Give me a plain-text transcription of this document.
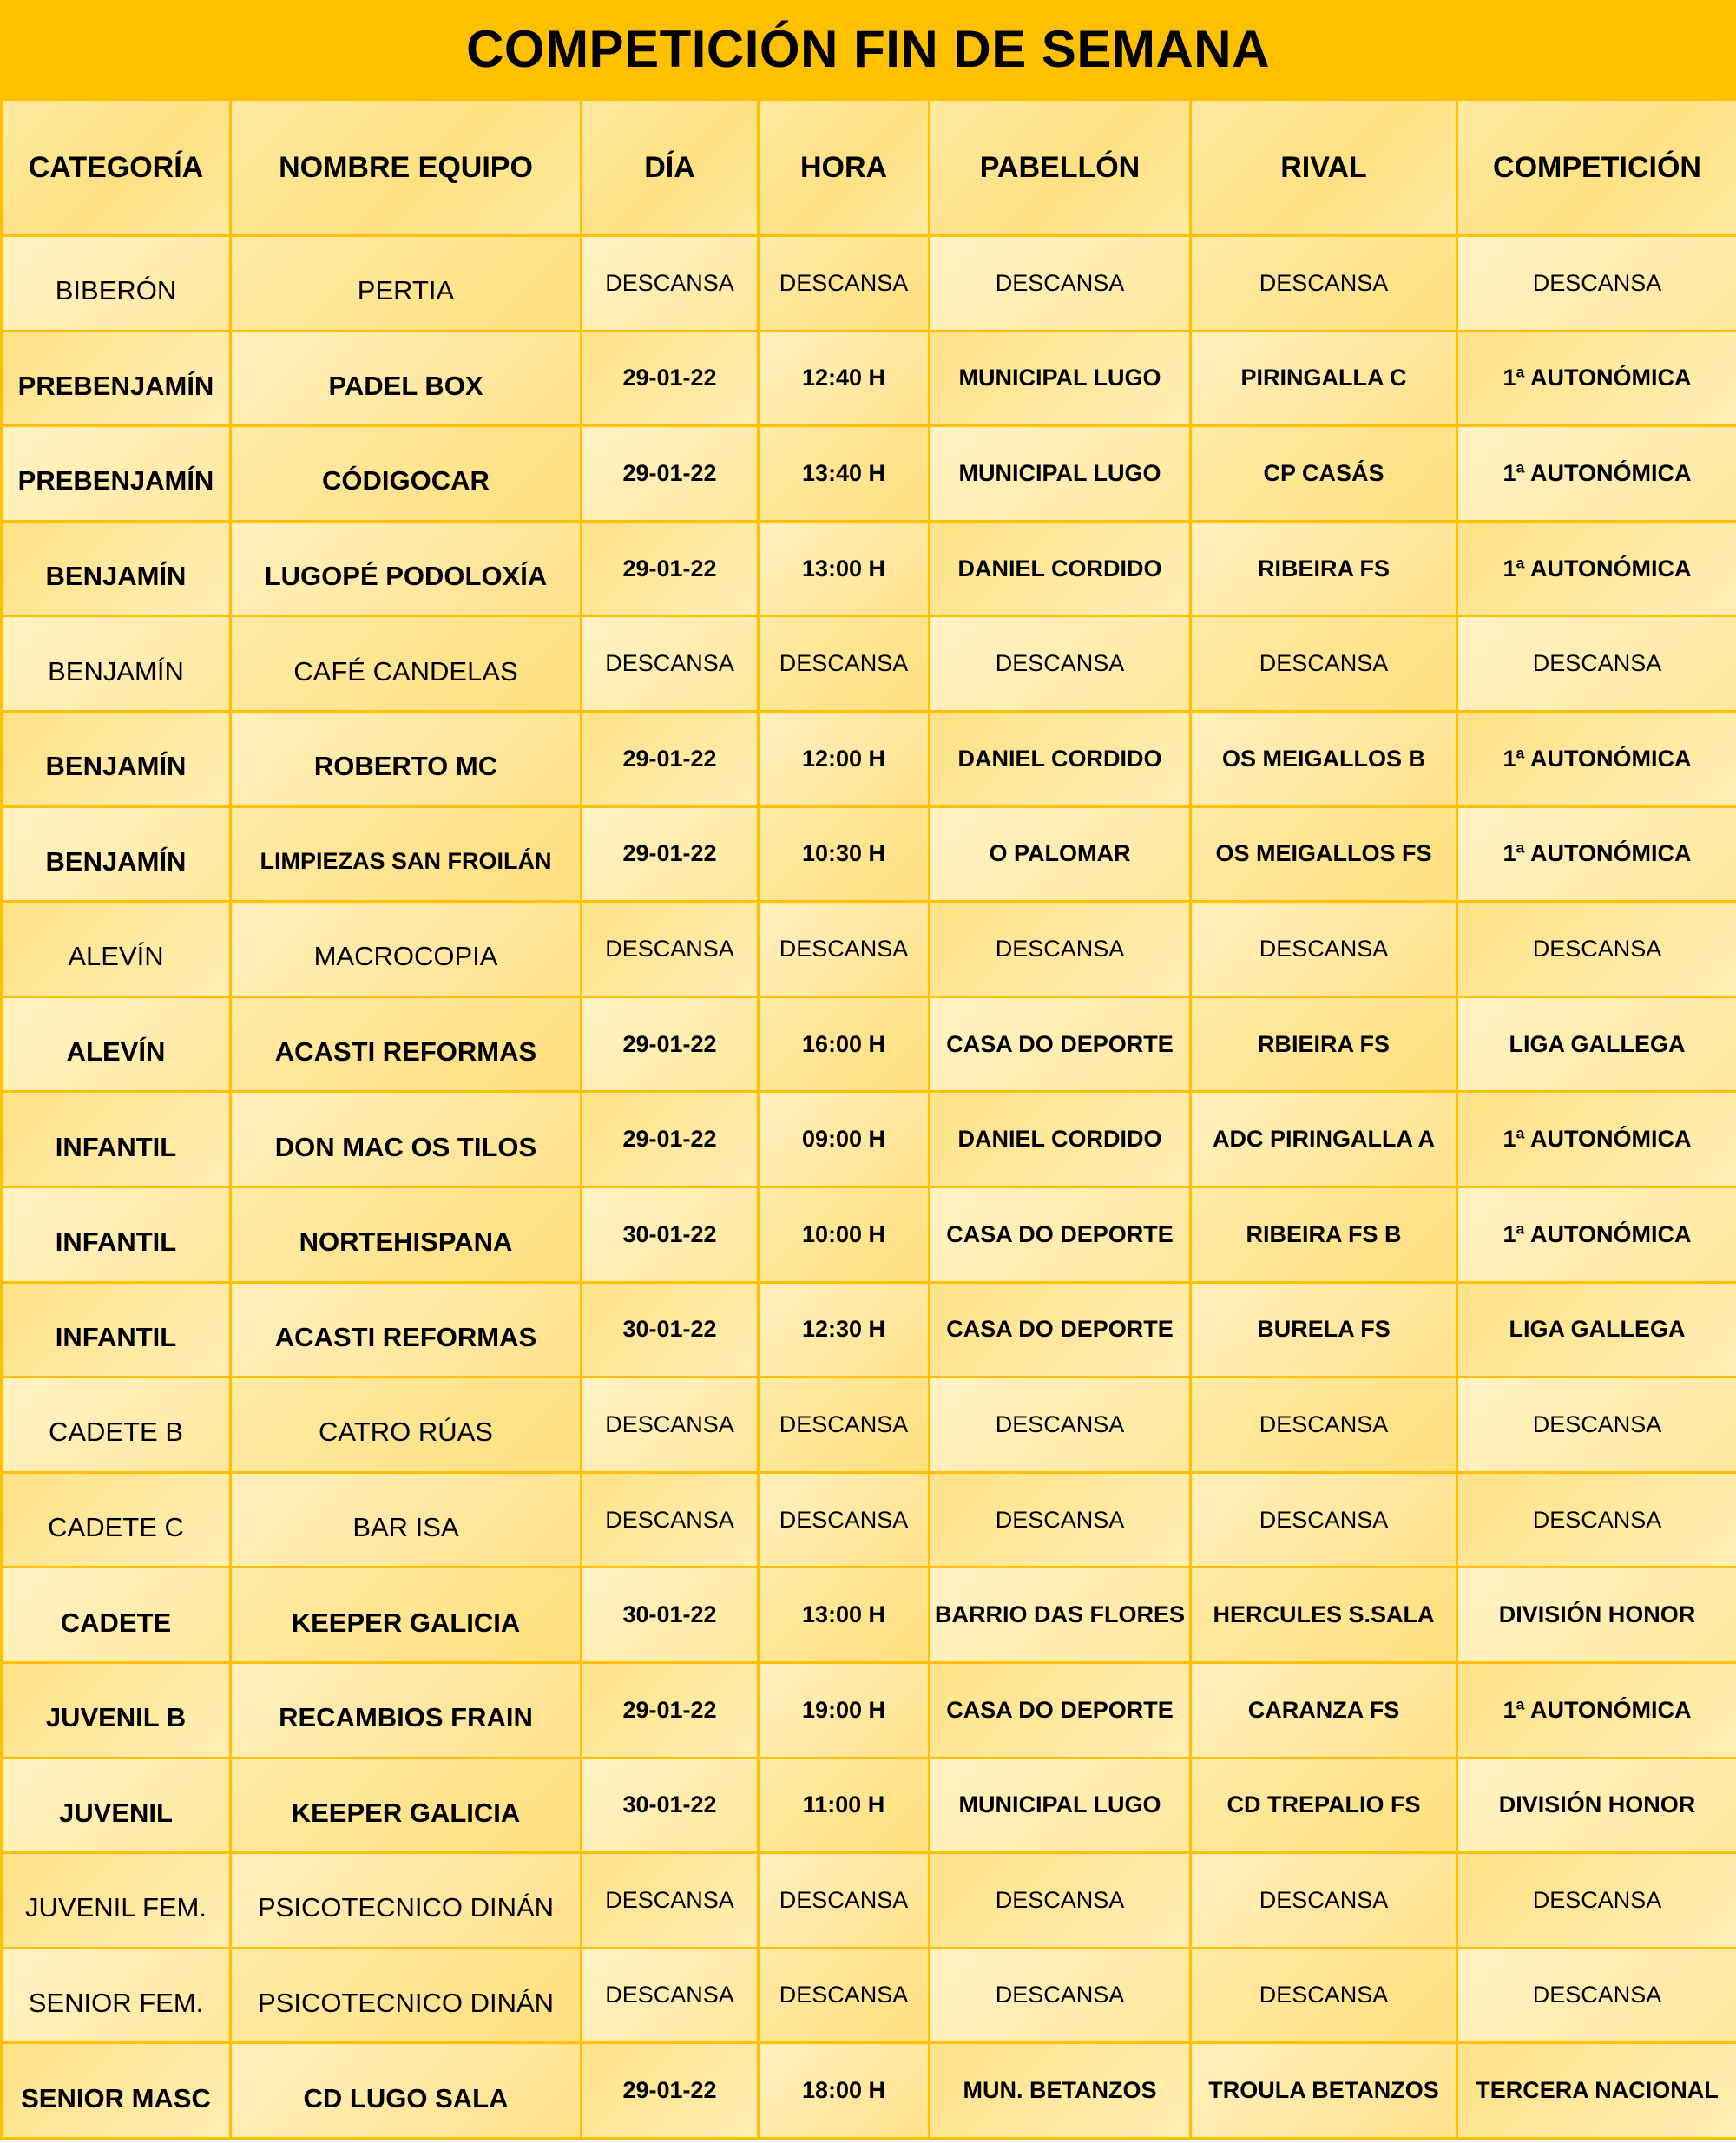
COMPETICIÓN FIN DE SEMANA
CATEGORÍA	NOMBRE EQUIPO	DÍA	HORA	PABELLÓN	RIVAL	COMPETICIÓN
BIBERÓN	PERTIA	DESCANSA	DESCANSA	DESCANSA	DESCANSA	DESCANSA
PREBENJAMÍN	PADEL BOX	29-01-22	12:40 H	MUNICIPAL LUGO	PIRINGALLA C	1ª AUTONÓMICA
PREBENJAMÍN	CÓDIGOCAR	29-01-22	13:40 H	MUNICIPAL LUGO	CP CASÁS	1ª AUTONÓMICA
BENJAMÍN	LUGOPÉ PODOLOXÍA	29-01-22	13:00 H	DANIEL CORDIDO	RIBEIRA FS	1ª AUTONÓMICA
BENJAMÍN	CAFÉ CANDELAS	DESCANSA	DESCANSA	DESCANSA	DESCANSA	DESCANSA
BENJAMÍN	ROBERTO MC	29-01-22	12:00 H	DANIEL CORDIDO	OS MEIGALLOS B	1ª AUTONÓMICA
BENJAMÍN	LIMPIEZAS SAN FROILÁN	29-01-22	10:30 H	O PALOMAR	OS MEIGALLOS FS	1ª AUTONÓMICA
ALEVÍN	MACROCOPIA	DESCANSA	DESCANSA	DESCANSA	DESCANSA	DESCANSA
ALEVÍN	ACASTI REFORMAS	29-01-22	16:00 H	CASA DO DEPORTE	RBIEIRA FS	LIGA GALLEGA
INFANTIL	DON MAC OS TILOS	29-01-22	09:00 H	DANIEL CORDIDO	ADC PIRINGALLA A	1ª AUTONÓMICA
INFANTIL	NORTEHISPANA	30-01-22	10:00 H	CASA DO DEPORTE	RIBEIRA FS B	1ª AUTONÓMICA
INFANTIL	ACASTI REFORMAS	30-01-22	12:30 H	CASA DO DEPORTE	BURELA FS	LIGA GALLEGA
CADETE B	CATRO RÚAS	DESCANSA	DESCANSA	DESCANSA	DESCANSA	DESCANSA
CADETE C	BAR ISA	DESCANSA	DESCANSA	DESCANSA	DESCANSA	DESCANSA
CADETE	KEEPER GALICIA	30-01-22	13:00 H	BARRIO DAS FLORES	HERCULES S.SALA	DIVISIÓN HONOR
JUVENIL B	RECAMBIOS FRAIN	29-01-22	19:00 H	CASA DO DEPORTE	CARANZA FS	1ª AUTONÓMICA
JUVENIL	KEEPER GALICIA	30-01-22	11:00 H	MUNICIPAL LUGO	CD TREPALIO FS	DIVISIÓN HONOR
JUVENIL FEM.	PSICOTECNICO DINÁN	DESCANSA	DESCANSA	DESCANSA	DESCANSA	DESCANSA
SENIOR FEM.	PSICOTECNICO DINÁN	DESCANSA	DESCANSA	DESCANSA	DESCANSA	DESCANSA
SENIOR MASC	CD LUGO SALA	29-01-22	18:00 H	MUN. BETANZOS	TROULA BETANZOS	TERCERA NACIONAL
